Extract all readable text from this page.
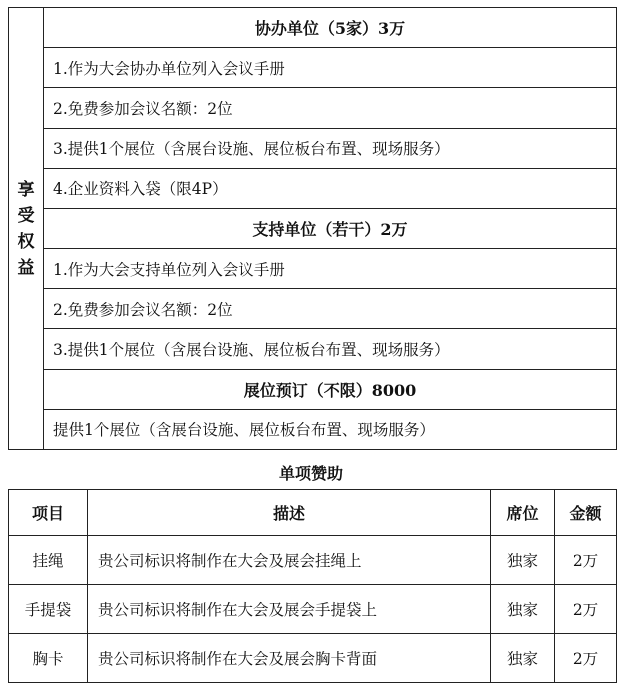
享
受
权
益
	协办单位（5家）3万
1.作为大会协办单位列入会议手册
2.免费参加会议名额：2位
3.提供1个展位（含展台设施、展位板台布置、现场服务）
4.企业资料入袋（限4P）
支持单位（若干）2万
1.作为大会支持单位列入会议手册
2.免费参加会议名额：2位
3.提供1个展位（含展台设施、展位板台布置、现场服务）
展位预订（不限）8000
提供1个展位（含展台设施、展位板台布置、现场服务）
单项赞助
项目	描述	席位	金额
挂绳	贵公司标识将制作在大会及展会挂绳上	独家	2万
手提袋	贵公司标识将制作在大会及展会手提袋上	独家	2万
胸卡	贵公司标识将制作在大会及展会胸卡背面	独家	2万
